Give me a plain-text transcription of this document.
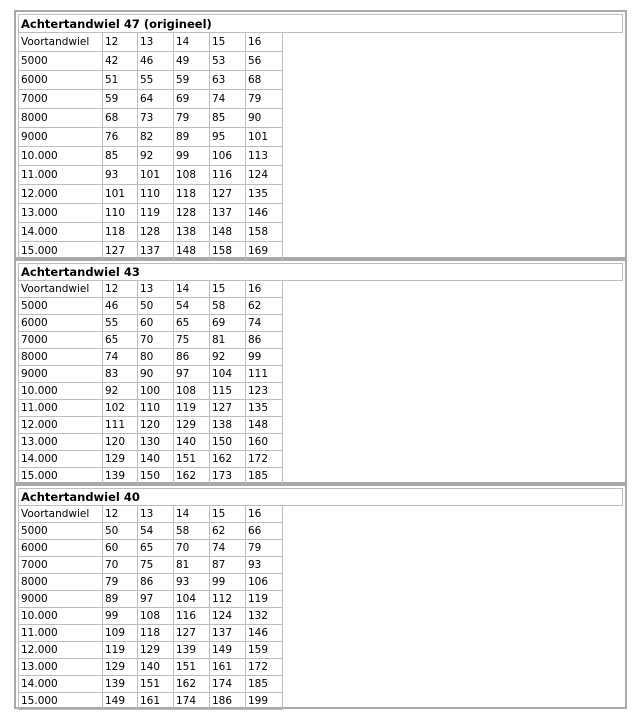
Achtertandwiel 47 (origineel)						
Voortandwiel	12	13	14	15	16	
5000	42	46	49	53	56	
6000	51	55	59	63	68	
7000	59	64	69	74	79	
8000	68	73	79	85	90	
9000	76	82	89	95	101	
10.000	85	92	99	106	113	
11.000	93	101	108	116	124	
12.000	101	110	118	127	135	
13.000	110	119	128	137	146	
14.000	118	128	138	148	158	
15.000	127	137	148	158	169	
Achtertandwiel 43						
Voortandwiel	12	13	14	15	16	
5000	46	50	54	58	62	
6000	55	60	65	69	74	
7000	65	70	75	81	86	
8000	74	80	86	92	99	
9000	83	90	97	104	111	
10.000	92	100	108	115	123	
11.000	102	110	119	127	135	
12.000	111	120	129	138	148	
13.000	120	130	140	150	160	
14.000	129	140	151	162	172	
15.000	139	150	162	173	185	
Achtertandwiel 40						
Voortandwiel	12	13	14	15	16	
5000	50	54	58	62	66	
6000	60	65	70	74	79	
7000	70	75	81	87	93	
8000	79	86	93	99	106	
9000	89	97	104	112	119	
10.000	99	108	116	124	132	
11.000	109	118	127	137	146	
12.000	119	129	139	149	159	
13.000	129	140	151	161	172	
14.000	139	151	162	174	185	
15.000	149	161	174	186	199	
